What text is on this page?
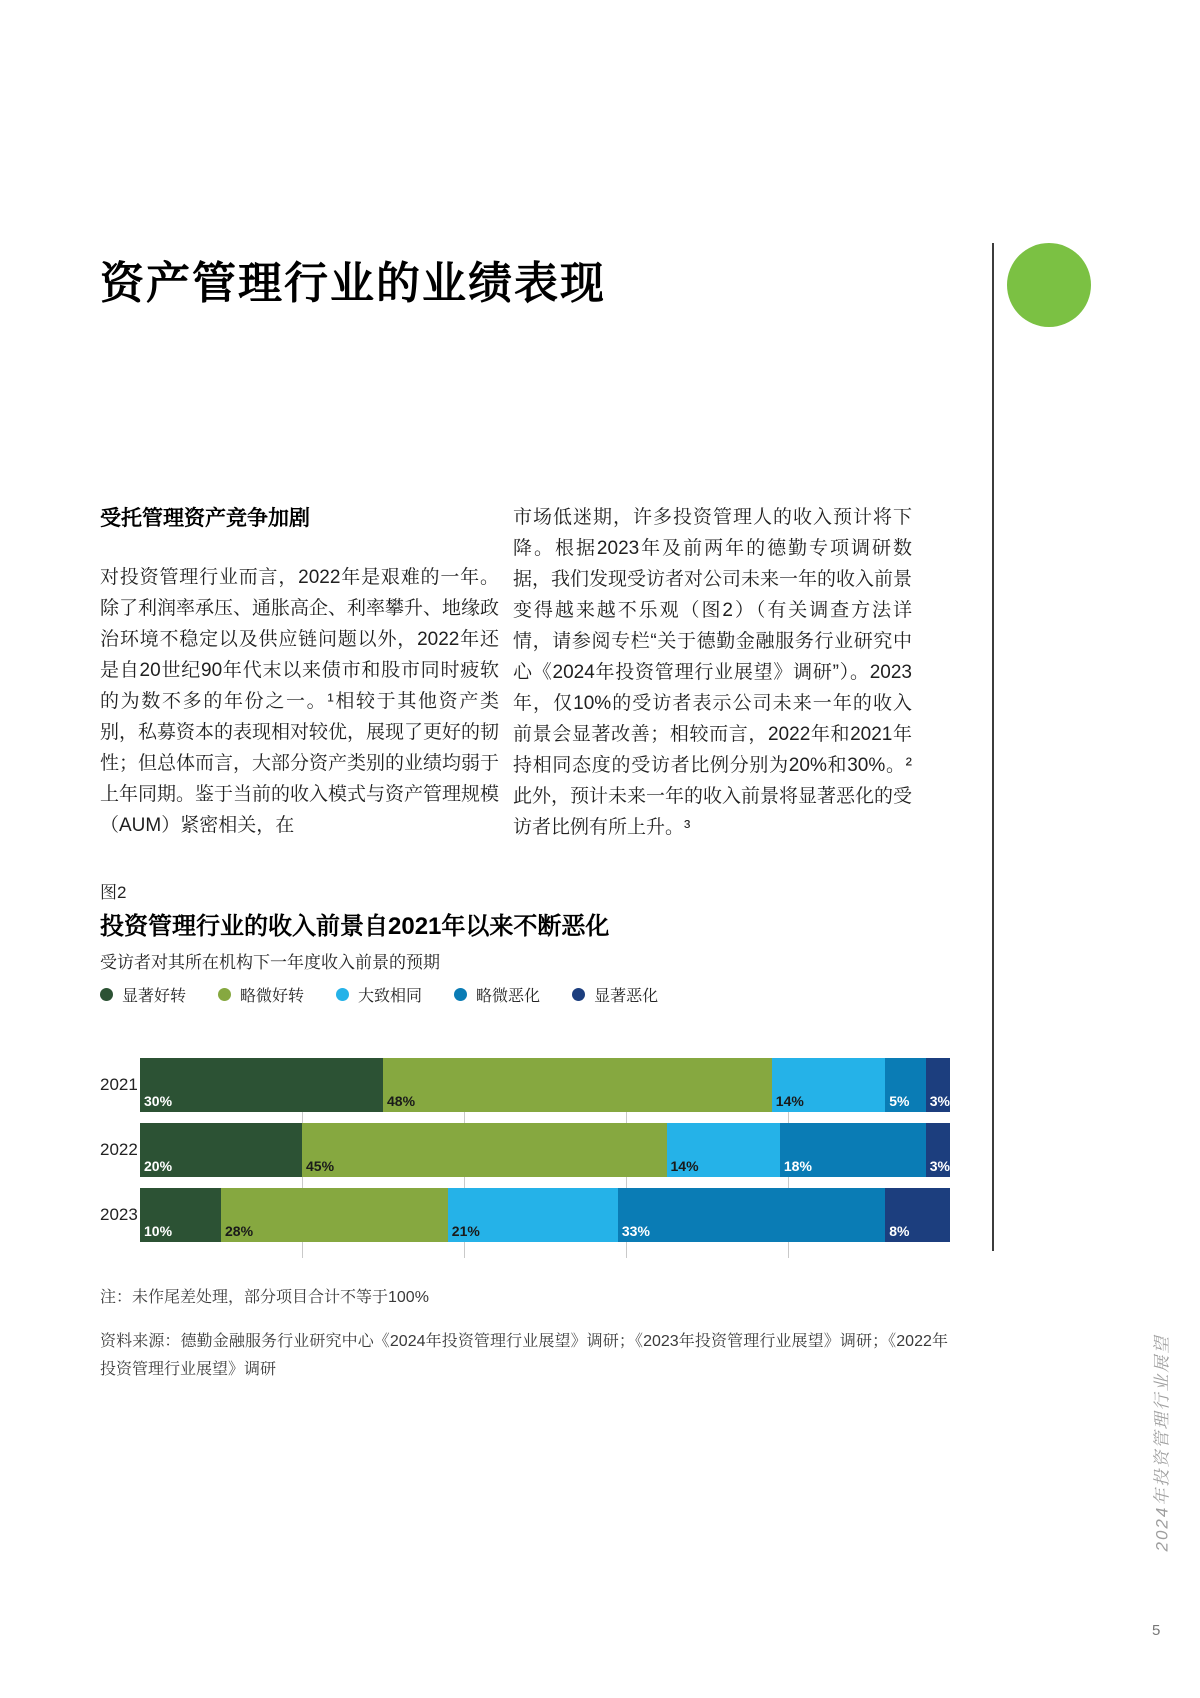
资产管理行业的业绩表现
受托管理资产竞争加剧

对投资管理行业而言，2022年是艰难的一年。除了利润率承压、通胀高企、利率攀升、地缘政治环境不稳定以及供应链问题以外，2022年还是自20世纪90年代末以来债市和股市同时疲软的为数不多的年份之一。¹相较于其他资产类别，私募资本的表现相对较优，展现了更好的韧性；但总体而言，大部分资产类别的业绩均弱于上年同期。鉴于当前的收入模式与资产管理规模（AUM）紧密相关，在

市场低迷期，许多投资管理人的收入预计将下降。根据2023年及前两年的德勤专项调研数据，我们发现受访者对公司未来一年的收入前景变得越来越不乐观（图2）（有关调查方法详情，请参阅专栏“关于德勤金融服务行业研究中心《2024年投资管理行业展望》调研”）。2023年，仅10%的受访者表示公司未来一年的收入前景会显著改善；相较而言，2022年和2021年持相同态度的受访者比例分别为20%和30%。²此外，预计未来一年的收入前景将显著恶化的受访者比例有所上升。³

图2
投资管理行业的收入前景自2021年以来不断恶化
受访者对其所在机构下一年度收入前景的预期
显著好转	略微好转	大致相同	略微恶化	显著恶化
2021
30%	48%	14%	5% 3%
2022
20%	45%	14%	18%	3%
2023
10%	28%	21%	33%	8%
注：未作尾差处理，部分项目合计不等于100%
资料来源：德勤金融服务行业研究中心《2024年投资管理行业展望》调研；《2023年投资管理行业展望》调研；《2022年投资管理行业展望》调研	2024年投资管理行业展望
5
